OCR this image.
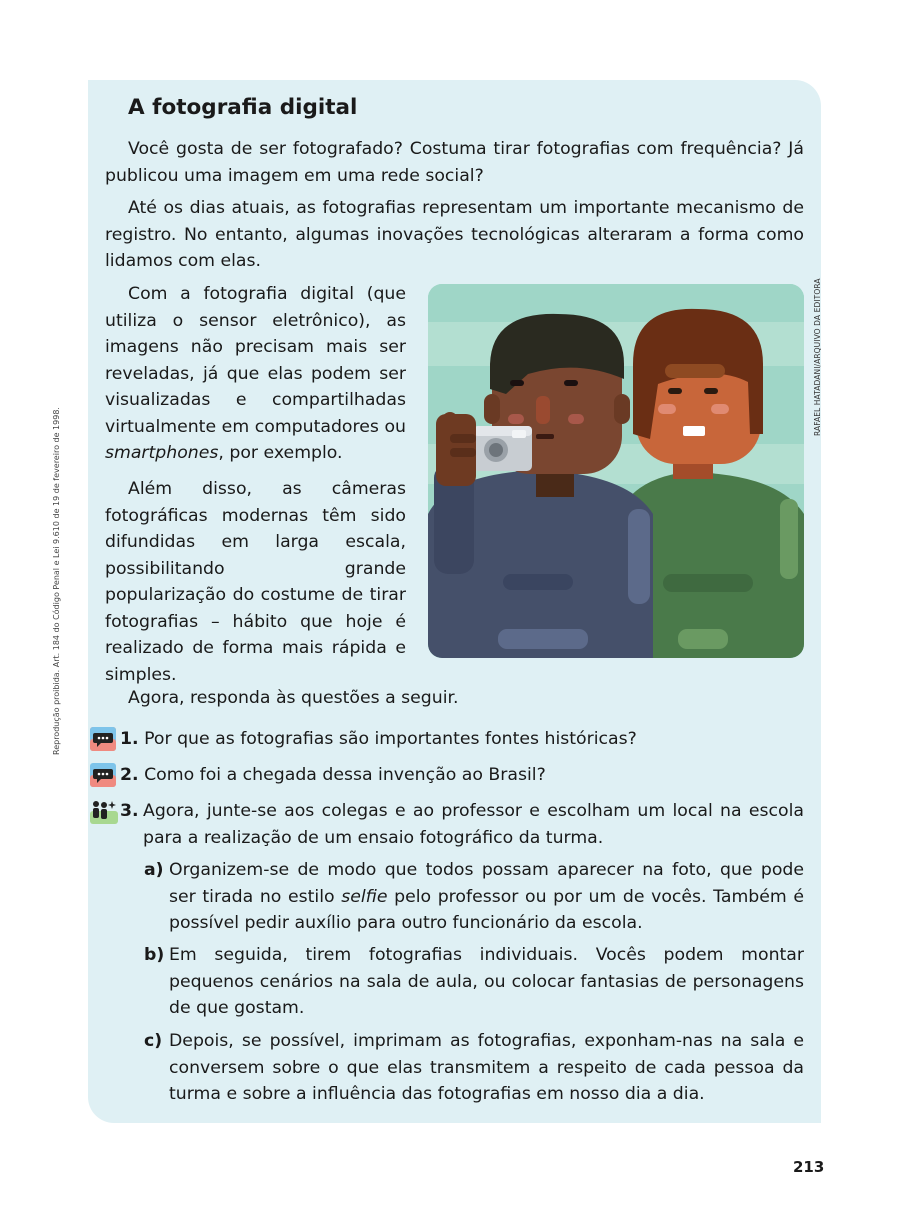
Reprodução proibida. Art. 184 do Código Penal e Lei 9.610 de 19 de fevereiro de 1998.
RAFAEL HATADANI/ARQUIVO DA EDITORA
A fotografia digital
Você gosta de ser fotografado? Costuma tirar fotografias com frequência? Já publicou uma imagem em uma rede social?
Até os dias atuais, as fotografias representam um importante mecanismo de registro. No entanto, algumas inovações tecnológicas alteraram a forma como lidamos com elas.
Com a fotografia digital (que utiliza o sensor eletrônico), as imagens não precisam mais ser reveladas, já que elas podem ser visualizadas e compartilhadas virtualmente em computadores ou smartphones, por exemplo.
Além disso, as câmeras fotográficas modernas têm sido difundidas em larga escala, possibilitando grande popularização do costume de tirar fotografias – hábito que hoje é realizado de forma mais rápida e simples.
Agora, responda às questões a seguir.
1. Por que as fotografias são importantes fontes históricas?
2. Como foi a chegada dessa invenção ao Brasil?
3. Agora, junte-se aos colegas e ao professor e escolham um local na escola para a realização de um ensaio fotográfico da turma.
a) Organizem-se de modo que todos possam aparecer na foto, que pode ser tirada no estilo selfie pelo professor ou por um de vocês. Também é possível pedir auxílio para outro funcionário da escola.
b) Em seguida, tirem fotografias individuais. Vocês podem montar pequenos cenários na sala de aula, ou colocar fantasias de personagens de que gostam.
c) Depois, se possível, imprimam as fotografias, exponham-nas na sala e conversem sobre o que elas transmitem a respeito de cada pessoa da turma e sobre a influência das fotografias em nosso dia a dia.
213
